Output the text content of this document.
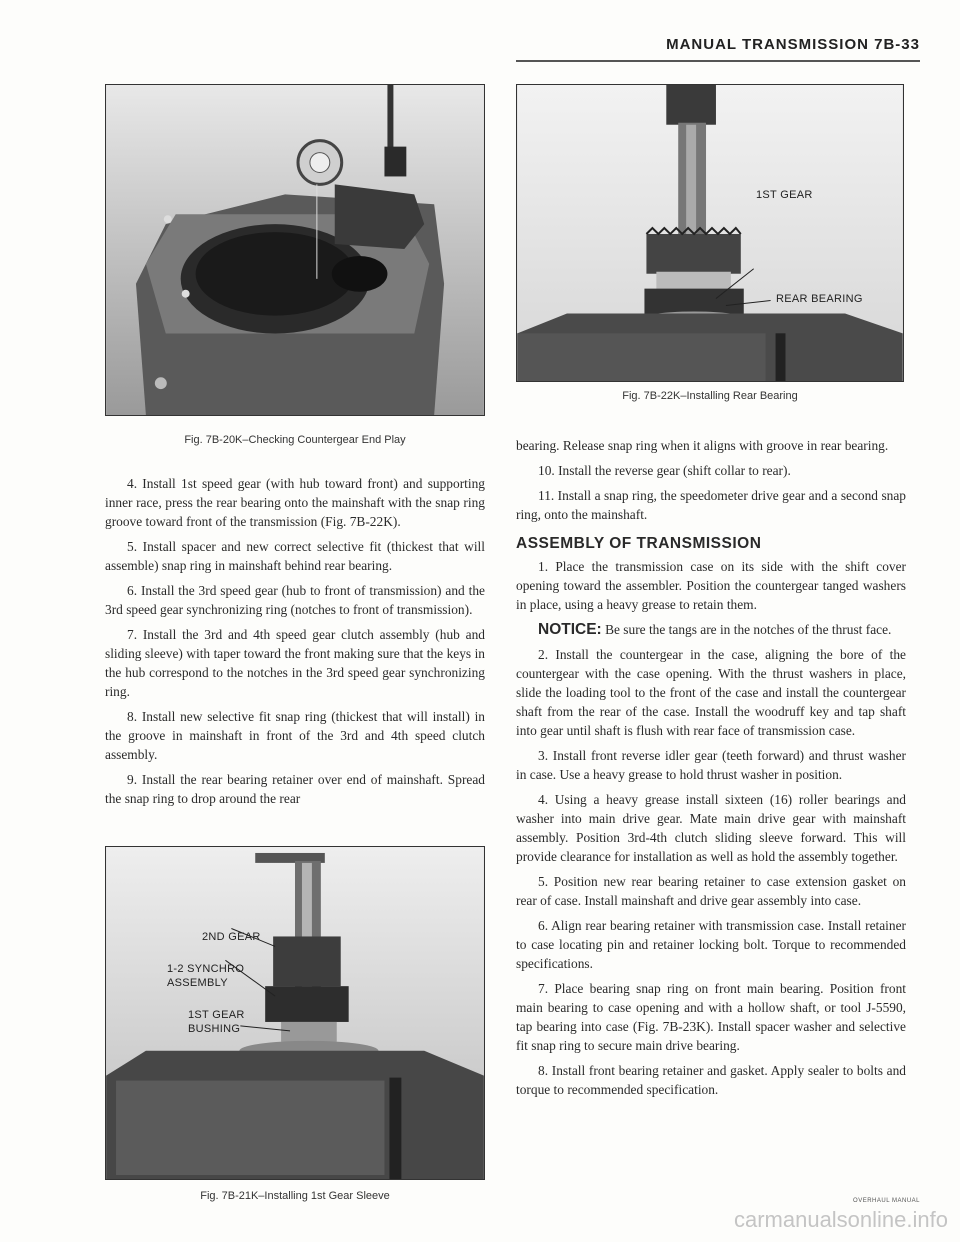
MANUAL TRANSMISSION 7B-33
Fig. 7B-20K–Checking Countergear End Play
1ST GEAR
REAR BEARING
Fig. 7B-22K–Installing Rear Bearing
2ND GEAR
1-2 SYNCHRO
ASSEMBLY
1ST GEAR
BUSHING
Fig. 7B-21K–Installing 1st Gear Sleeve

4. Install 1st speed gear (with hub toward front) and supporting inner race, press the rear bearing onto the mainshaft with the snap ring groove toward front of the transmission (Fig. 7B-22K).

5. Install spacer and new correct selective fit (thickest that will assemble) snap ring in mainshaft behind rear bearing.

6. Install the 3rd speed gear (hub to front of transmission) and the 3rd speed gear synchronizing ring (notches to front of transmission).

7. Install the 3rd and 4th speed gear clutch assembly (hub and sliding sleeve) with taper toward the front making sure that the keys in the hub correspond to the notches in the 3rd speed gear synchronizing ring.

8. Install new selective fit snap ring (thickest that will install) in the groove in mainshaft in front of the 3rd and 4th speed clutch assembly.

9. Install the rear bearing retainer over end of mainshaft. Spread the snap ring to drop around the rear

bearing. Release snap ring when it aligns with groove in rear bearing.

10. Install the reverse gear (shift collar to rear).

11. Install a snap ring, the speedometer drive gear and a second snap ring, onto the mainshaft.

ASSEMBLY OF TRANSMISSION

1. Place the transmission case on its side with the shift cover opening toward the assembler. Position the countergear tanged washers in place, using a heavy grease to retain them.

NOTICE: Be sure the tangs are in the notches of the thrust face.

2. Install the countergear in the case, aligning the bore of the countergear with the case opening. With the thrust washers in place, slide the loading tool to the front of the case and install the countergear shaft from the rear of the case. Install the woodruff key and tap shaft into gear until shaft is flush with rear face of transmission case.

3. Install front reverse idler gear (teeth forward) and thrust washer in case. Use a heavy grease to hold thrust washer in position.

4. Using a heavy grease install sixteen (16) roller bearings and washer into main drive gear. Mate main drive gear with mainshaft assembly. Position 3rd-4th clutch sliding sleeve forward. This will provide clearance for installation as well as hold the assembly together.

5. Position new rear bearing retainer to case extension gasket on rear of case. Install mainshaft and drive gear assembly into case.

6. Align rear bearing retainer with transmission case. Install retainer to case locating pin and retainer locking bolt. Torque to recommended specifications.

7. Place bearing snap ring on front main bearing. Position front main bearing to case opening and with a hollow shaft, or tool J-5590, tap bearing into case (Fig. 7B-23K). Install spacer washer and selective fit snap ring to secure main drive bearing.

8. Install front bearing retainer and gasket. Apply sealer to bolts and torque to recommended specification.

OVERHAUL MANUAL
carmanualsonline.info
